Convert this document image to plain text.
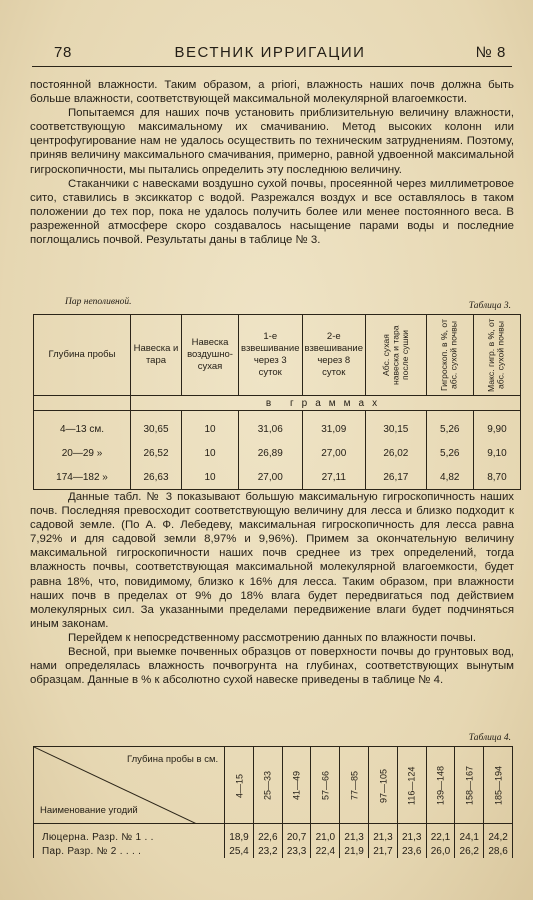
78	ВЕСТНИК ИРРИГАЦИИ	№ 8

постоянной влажности. Таким образом, a priori, влажность наших почв должна быть больше влажности, соответствующей максимальной молекулярной влагоемкости.

Попытаемся для наших почв установить приблизительную величину влажности, соответствующую максимальному их смачиванию. Метод высоких колонн или центрофугирование нам не удалось осуществить по техническим затруднениям. Поэтому, приняв величину максимального смачивания, примерно, равной удвоенной максимальной гигроскопичности, мы пытались определить эту последнюю величину.

Стаканчики с навесками воздушно сухой почвы, просеянной через миллиметровое сито, ставились в эксиккатор с водой. Разрежался воздух и все оставлялось в таком положении до тех пор, пока не удалось получить более или менее постоянного веса. В разреженной атмосфере скоро создавалось насыщение парами воды и последние поглощались почвой. Результаты даны в таблице № 3.

Пар неполивной.	Таблица 3.
Глубина пробы	Навеска и тара	Навеска воздушно-сухая	1-е взвешивание через 3 суток	2-е взвешивание через 8 суток	Абс. сухая навеска и тара после сушки	Гигроскоп. в %, от абс. сухой почвы	Макс. гигр. в %, от абс. сухой почвы
	в граммах						

4—13 см.	30,65	10	31,06	31,09	30,15	5,26	9,90
20—29 »	26,52	10	26,89	27,00	26,02	5,26	9,10
174—182 »	26,63	10	27,00	27,11	26,17	4,82	8,70

Данные табл. № 3 показывают большую максимальную гигроскопичность наших почв. Последняя превосходит соответствующую величину для лесса и близко подходит к садовой земле. (По А. Ф. Лебедеву, максимальная гигроскопичность для лесса равна 7,92% и для садовой земли 8,97% и 9,96%). Примем за окончательную величину максимальной гигроскопичности наших почв среднее из трех определений, тогда влажность почвы, соответствующая максимальной молекулярной влагоемкости, будет равна 18%, что, повидимому, близко к 16% для лесса. Таким образом, при влажности наших почв в пределах от 9% до 18% влага будет передвигаться под действием молекулярных сил. За указанными пределами передвижение влаги будет подчиняться иным законам.

Перейдем к непосредственному рассмотрению данных по влажности почвы.

Весной, при выемке почвенных образцов от поверхности почвы до грунтовых вод, нами определялась влажность почвогрунта на глубинах, соответствующих вынутым образцам. Данные в % к абсолютно сухой навеске приведены в таблице № 4.

Таблица 4.
Глубина пробы в см.
Наименование угодий	4—15	25—33	41—49	57—66	77—85	97—105	116—124	139—148	158—167	185—194
Люцерна. Разр. № 1 . .	18,9	22,6	20,7	21,0	21,3	21,3	21,3	22,1	24,1	24,2
Пар. Разр. № 2 . . . .	25,4	23,2	23,3	22,4	21,9	21,7	23,6	26,0	26,2	28,6
